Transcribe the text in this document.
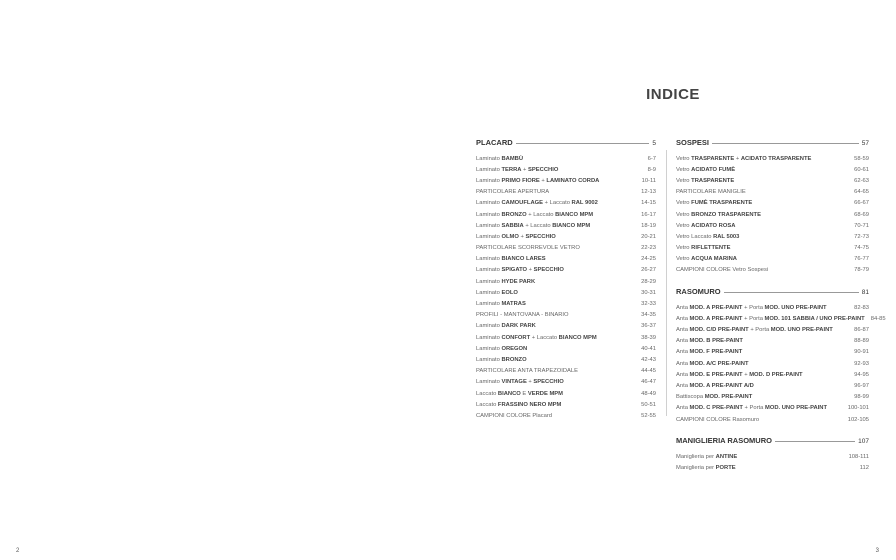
INDICE
PLACARD	5
Laminato BAMBÙ	6-7
Laminato TERRA + SPECCHIO	8-9
Laminato PRIMO FIORE + LAMINATO CORDA	10-11
PARTICOLARE APERTURA	12-13
Laminato CAMOUFLAGE + Laccato RAL 9002	14-15
Laminato BRONZO + Laccato BIANCO MPM	16-17
Laminato SABBIA + Laccato BIANCO MPM	18-19
Laminato OLMO + SPECCHIO	20-21
PARTICOLARE SCORREVOLE VETRO	22-23
Laminato BIANCO LARES	24-25
Laminato SPIGATO + SPECCHIO	26-27
Laminato HYDE PARK	28-29
Laminato EOLO	30-31
Laminato MATRAS	32-33
PROFILI - MANTOVANA - BINARIO	34-35
Laminato DARK PARK	36-37
Laminato CONFORT + Laccato BIANCO MPM	38-39
Laminato OREGON	40-41
Laminato BRONZO	42-43
PARTICOLARE ANTA TRAPEZOIDALE	44-45
Laminato VINTAGE + SPECCHIO	46-47
Laccato BIANCO E VERDE MPM	48-49
Laccato FRASSINO NERO MPM	50-51
CAMPIONI COLORE Placard	52-55
SOSPESI	57
Vetro TRASPARENTE + ACIDATO TRASPARENTE	58-59
Vetro ACIDATO FUMÈ	60-61
Vetro TRASPARENTE	62-63
PARTICOLARE MANIGLIE	64-65
Vetro FUMÈ TRASPARENTE	66-67
Vetro BRONZO TRASPARENTE	68-69
Vetro ACIDATO ROSA	70-71
Vetro Laccato RAL 5003	72-73
Vetro RIFLETTENTE	74-75
Vetro ACQUA MARINA	76-77
CAMPIONI COLORE Vetro Sospesi	78-79
RASOMURO	81
Anta MOD. A PRE-PAINT + Porta MOD. UNO PRE-PAINT	82-83
Anta MOD. A PRE-PAINT + Porta MOD. 101 SABBIA / UNO PRE-PAINT 84-85
Anta MOD. C/D PRE-PAINT + Porta MOD. UNO PRE-PAINT	86-87
Anta MOD. B PRE-PAINT	88-89
Anta MOD. F PRE-PAINT	90-91
Anta MOD. A/C PRE-PAINT	92-93
Anta MOD. E PRE-PAINT + MOD. D PRE-PAINT	94-95
Anta MOD. A PRE-PAINT A/D	96-97
Battiscopa MOD. PRE-PAINT	98-99
Anta MOD. C PRE-PAINT + Porta MOD. UNO PRE-PAINT	100-101
CAMPIONI COLORE Rasomuro	102-105
MANIGLIERIA RASOMURO	107
Maniglieria per ANTINE	108-111
Maniglieria per PORTE	112
2	3
